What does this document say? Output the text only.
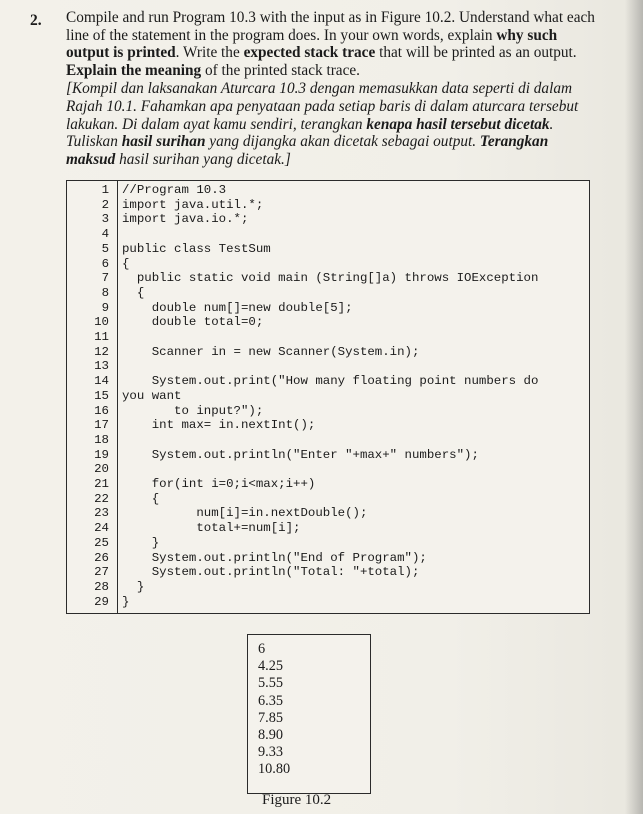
2. Compile and run Program 10.3 with the input as in Figure 10.2. Understand what each line of the statement in the program does. In your own words, explain why such output is printed. Write the expected stack trace that will be printed as an output. Explain the meaning of the printed stack trace.

[Kompil dan laksanakan Aturcara 10.3 dengan memasukkan data seperti di dalam Rajah 10.1. Fahamkan apa penyataan pada setiap baris di dalam aturcara tersebut lakukan. Di dalam ayat kamu sendiri, terangkan kenapa hasil tersebut dicetak. Tuliskan hasil surihan yang dijangka akan dicetak sebagai output. Terangkan maksud hasil surihan yang dicetak.]

1 //Program 10.3
2 import java.util.*;
3 import java.io.*;
4
5 public class TestSum
6 {
7 public static void main (String[]a) throws IOException
8 {
9 double num[]=new double[5];
10 double total=0;
11
12 Scanner in = new Scanner(System.in);
13
14 System.out.print("How many floating point numbers do
15 you want
16 to input?");
17 int max= in.nextInt();
18
19 System.out.println("Enter "+max+" numbers");
20
21 for(int i=0;i<max;i++)
22 {
23 num[i]=in.nextDouble();
24 total+=num[i];
25 }
26 System.out.println("End of Program");
27 System.out.println("Total: "+total);
28 }
29 }
6
4.25
5.55
6.35
7.85
8.90
9.33
10.80
Figure 10.2
